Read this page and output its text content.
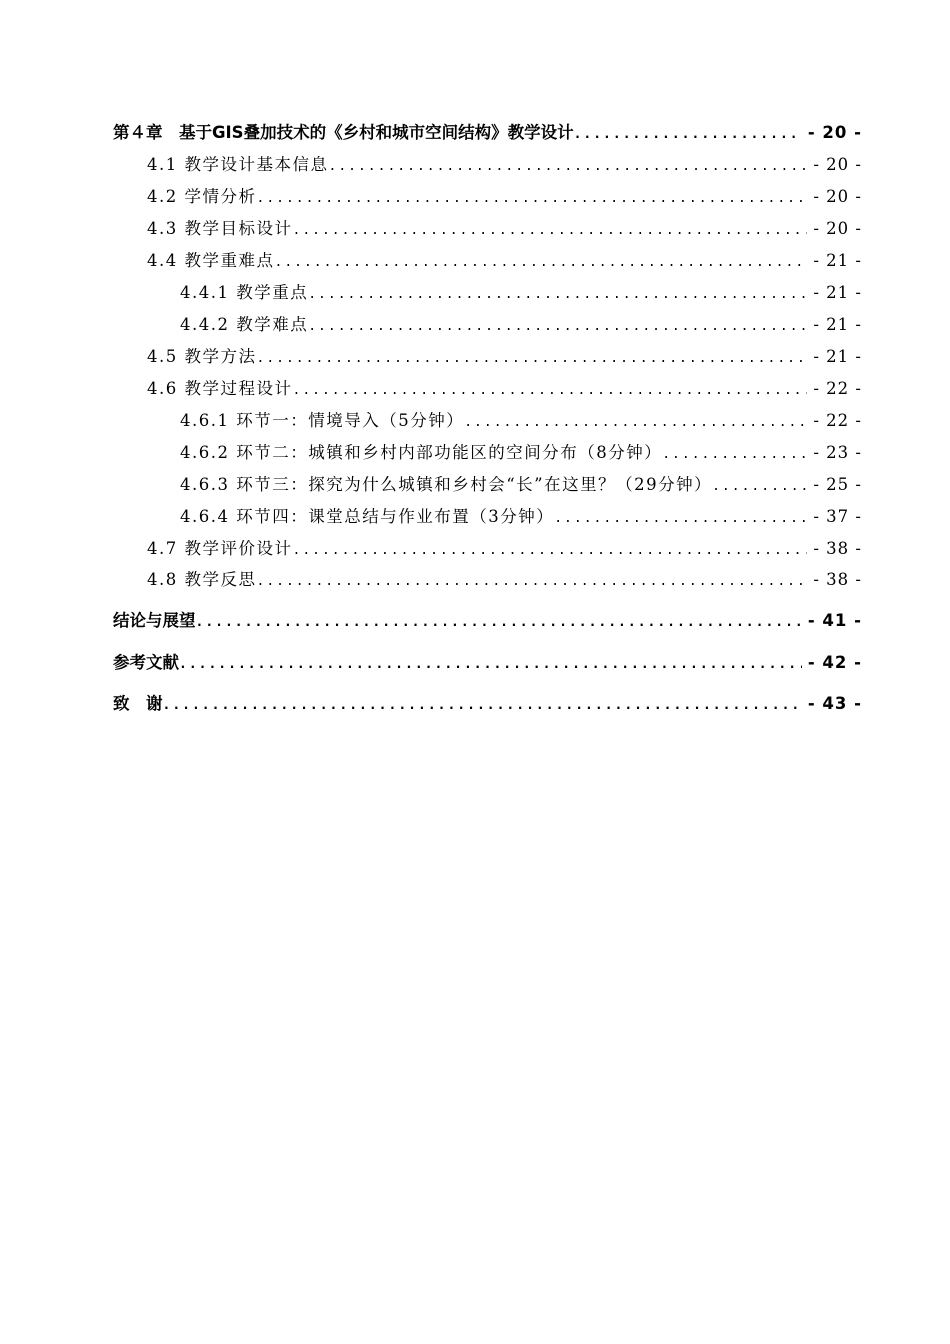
第４章　基于GIS叠加技术的《乡村和城市空间结构》教学设计 .....	- 20 -
4.1 教学设计基本信息 .....	- 20 -
4.2 学情分析 .....	- 20 -
4.3 教学目标设计 .....	- 20 -
4.4 教学重难点 .....	- 21 -
4.4.1 教学重点 .....	- 21 -
4.4.2 教学难点 .....	- 21 -
4.5 教学方法 .....	- 21 -
4.6 教学过程设计 .....	- 22 -
4.6.1 环节一：情境导入（5分钟） .....	- 22 -
4.6.2 环节二：城镇和乡村内部功能区的空间分布（8分钟） .....	- 23 -
4.6.3 环节三：探究为什么城镇和乡村会“长”在这里？（29分钟） .....	- 25 -
4.6.4 环节四：课堂总结与作业布置（3分钟） .....	- 37 -
4.7 教学评价设计 .....	- 38 -
4.8 教学反思 .....	- 38 -
结论与展望 .....	- 41 -
参考文献 .....	- 42 -
致　谢 .....	- 43 -
